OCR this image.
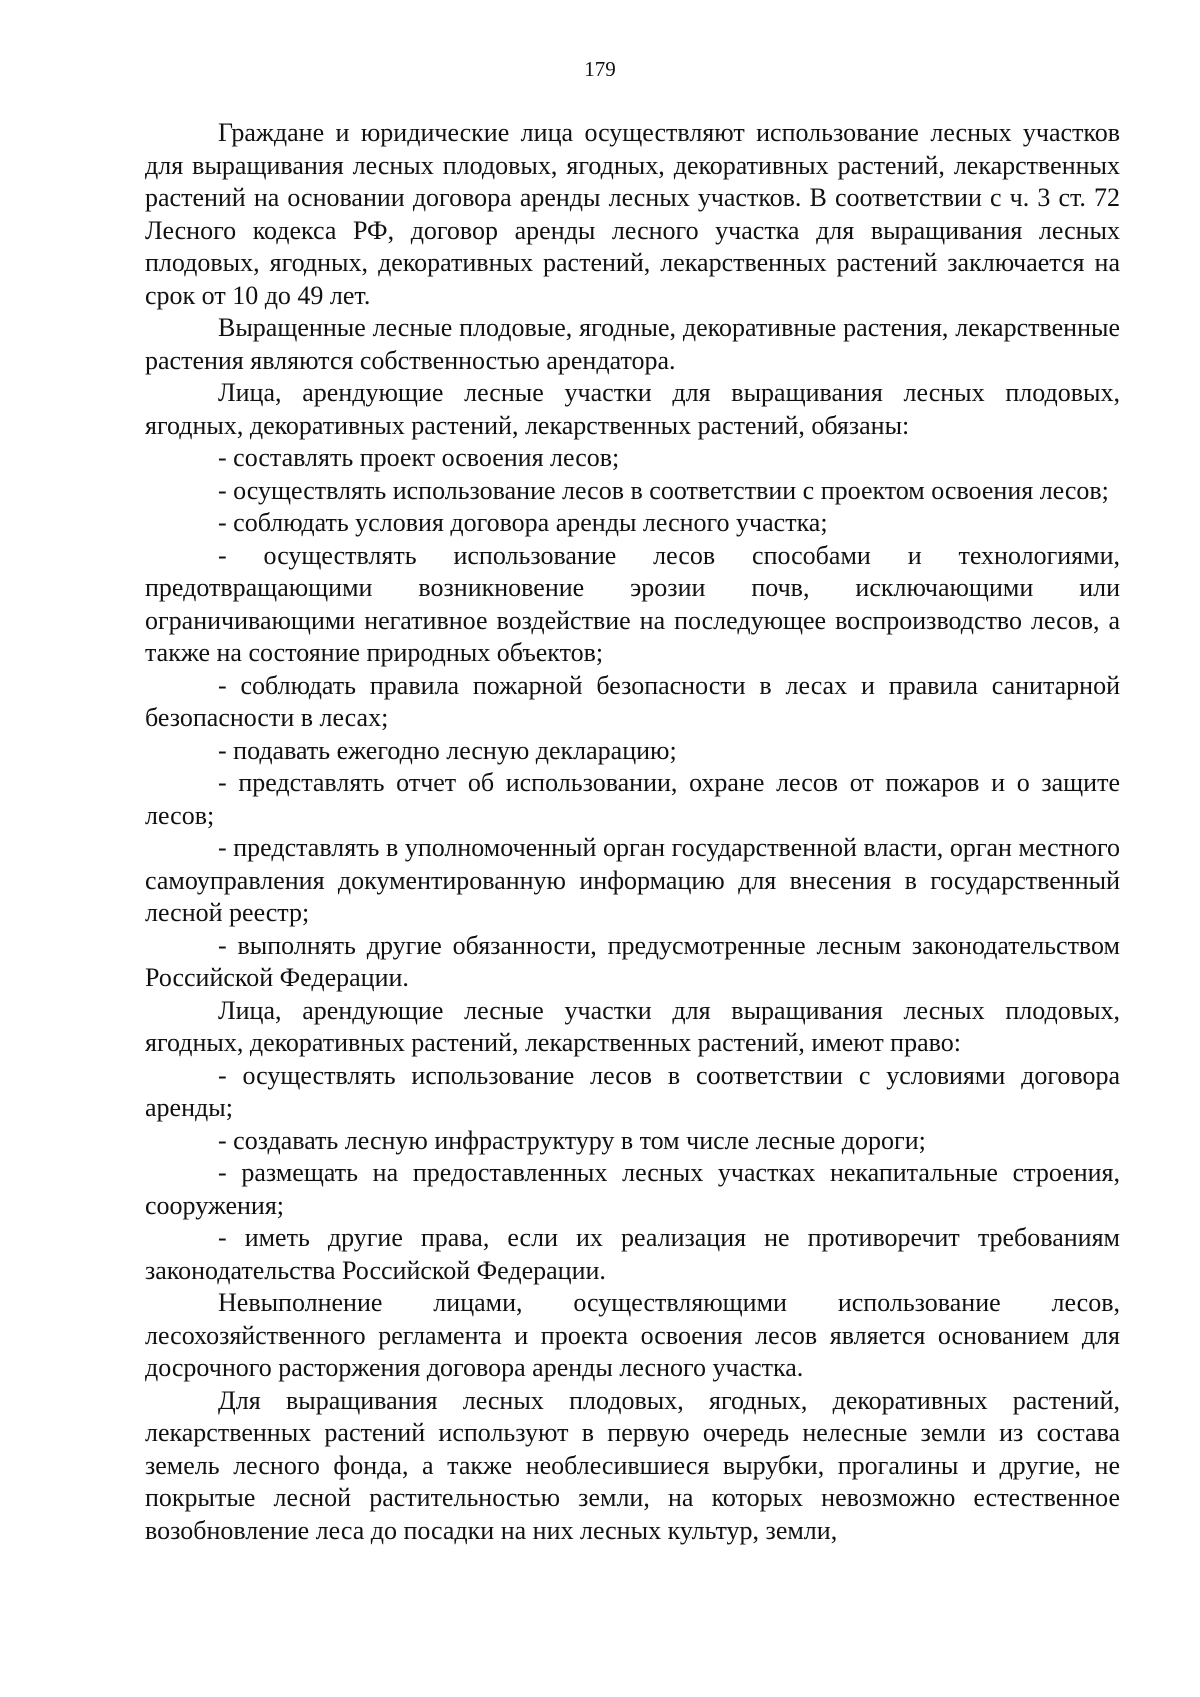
179

Граждане и юридические лица осуществляют использование лесных участков для выращивания лесных плодовых, ягодных, декоративных растений, лекарственных растений на основании договора аренды лесных участков. В соответствии с ч. 3 ст. 72 Лесного кодекса РФ, договор аренды лесного участка для выращивания лесных плодовых, ягодных, декоративных растений, лекарственных растений заключается на срок от 10 до 49 лет.

Выращенные лесные плодовые, ягодные, декоративные растения, лекарственные растения являются собственностью арендатора.

Лица, арендующие лесные участки для выращивания лесных плодовых, ягодных, декоративных растений, лекарственных растений, обязаны:

- составлять проект освоения лесов;

- осуществлять использование лесов в соответствии с проектом освоения лесов;

- соблюдать условия договора аренды лесного участка;

- осуществлять использование лесов способами и технологиями, предотвращающими возникновение эрозии почв, исключающими или ограничивающими негативное воздействие на последующее воспроизводство лесов, а также на состояние природных объектов;

- соблюдать правила пожарной безопасности в лесах и правила санитарной безопасности в лесах;

- подавать ежегодно лесную декларацию;

- представлять отчет об использовании, охране лесов от пожаров и о защите лесов;

- представлять в уполномоченный орган государственной власти, орган местного самоуправления документированную информацию для внесения в государственный лесной реестр;

- выполнять другие обязанности, предусмотренные лесным законодательством Российской Федерации.

Лица, арендующие лесные участки для выращивания лесных плодовых, ягодных, декоративных растений, лекарственных растений, имеют право:

- осуществлять использование лесов в соответствии с условиями договора аренды;

- создавать лесную инфраструктуру в том числе лесные дороги;

- размещать на предоставленных лесных участках некапитальные строения, сооружения;

- иметь другие права, если их реализация не противоречит требованиям законодательства Российской Федерации.

Невыполнение лицами, осуществляющими использование лесов, лесохозяйственного регламента и проекта освоения лесов является основанием для досрочного расторжения договора аренды лесного участка.

Для выращивания лесных плодовых, ягодных, декоративных растений, лекарственных растений используют в первую очередь нелесные земли из состава земель лесного фонда, а также необлесившиеся вырубки, прогалины и другие, не покрытые лесной растительностью земли, на которых невозможно естественное возобновление леса до посадки на них лесных культур, земли,
